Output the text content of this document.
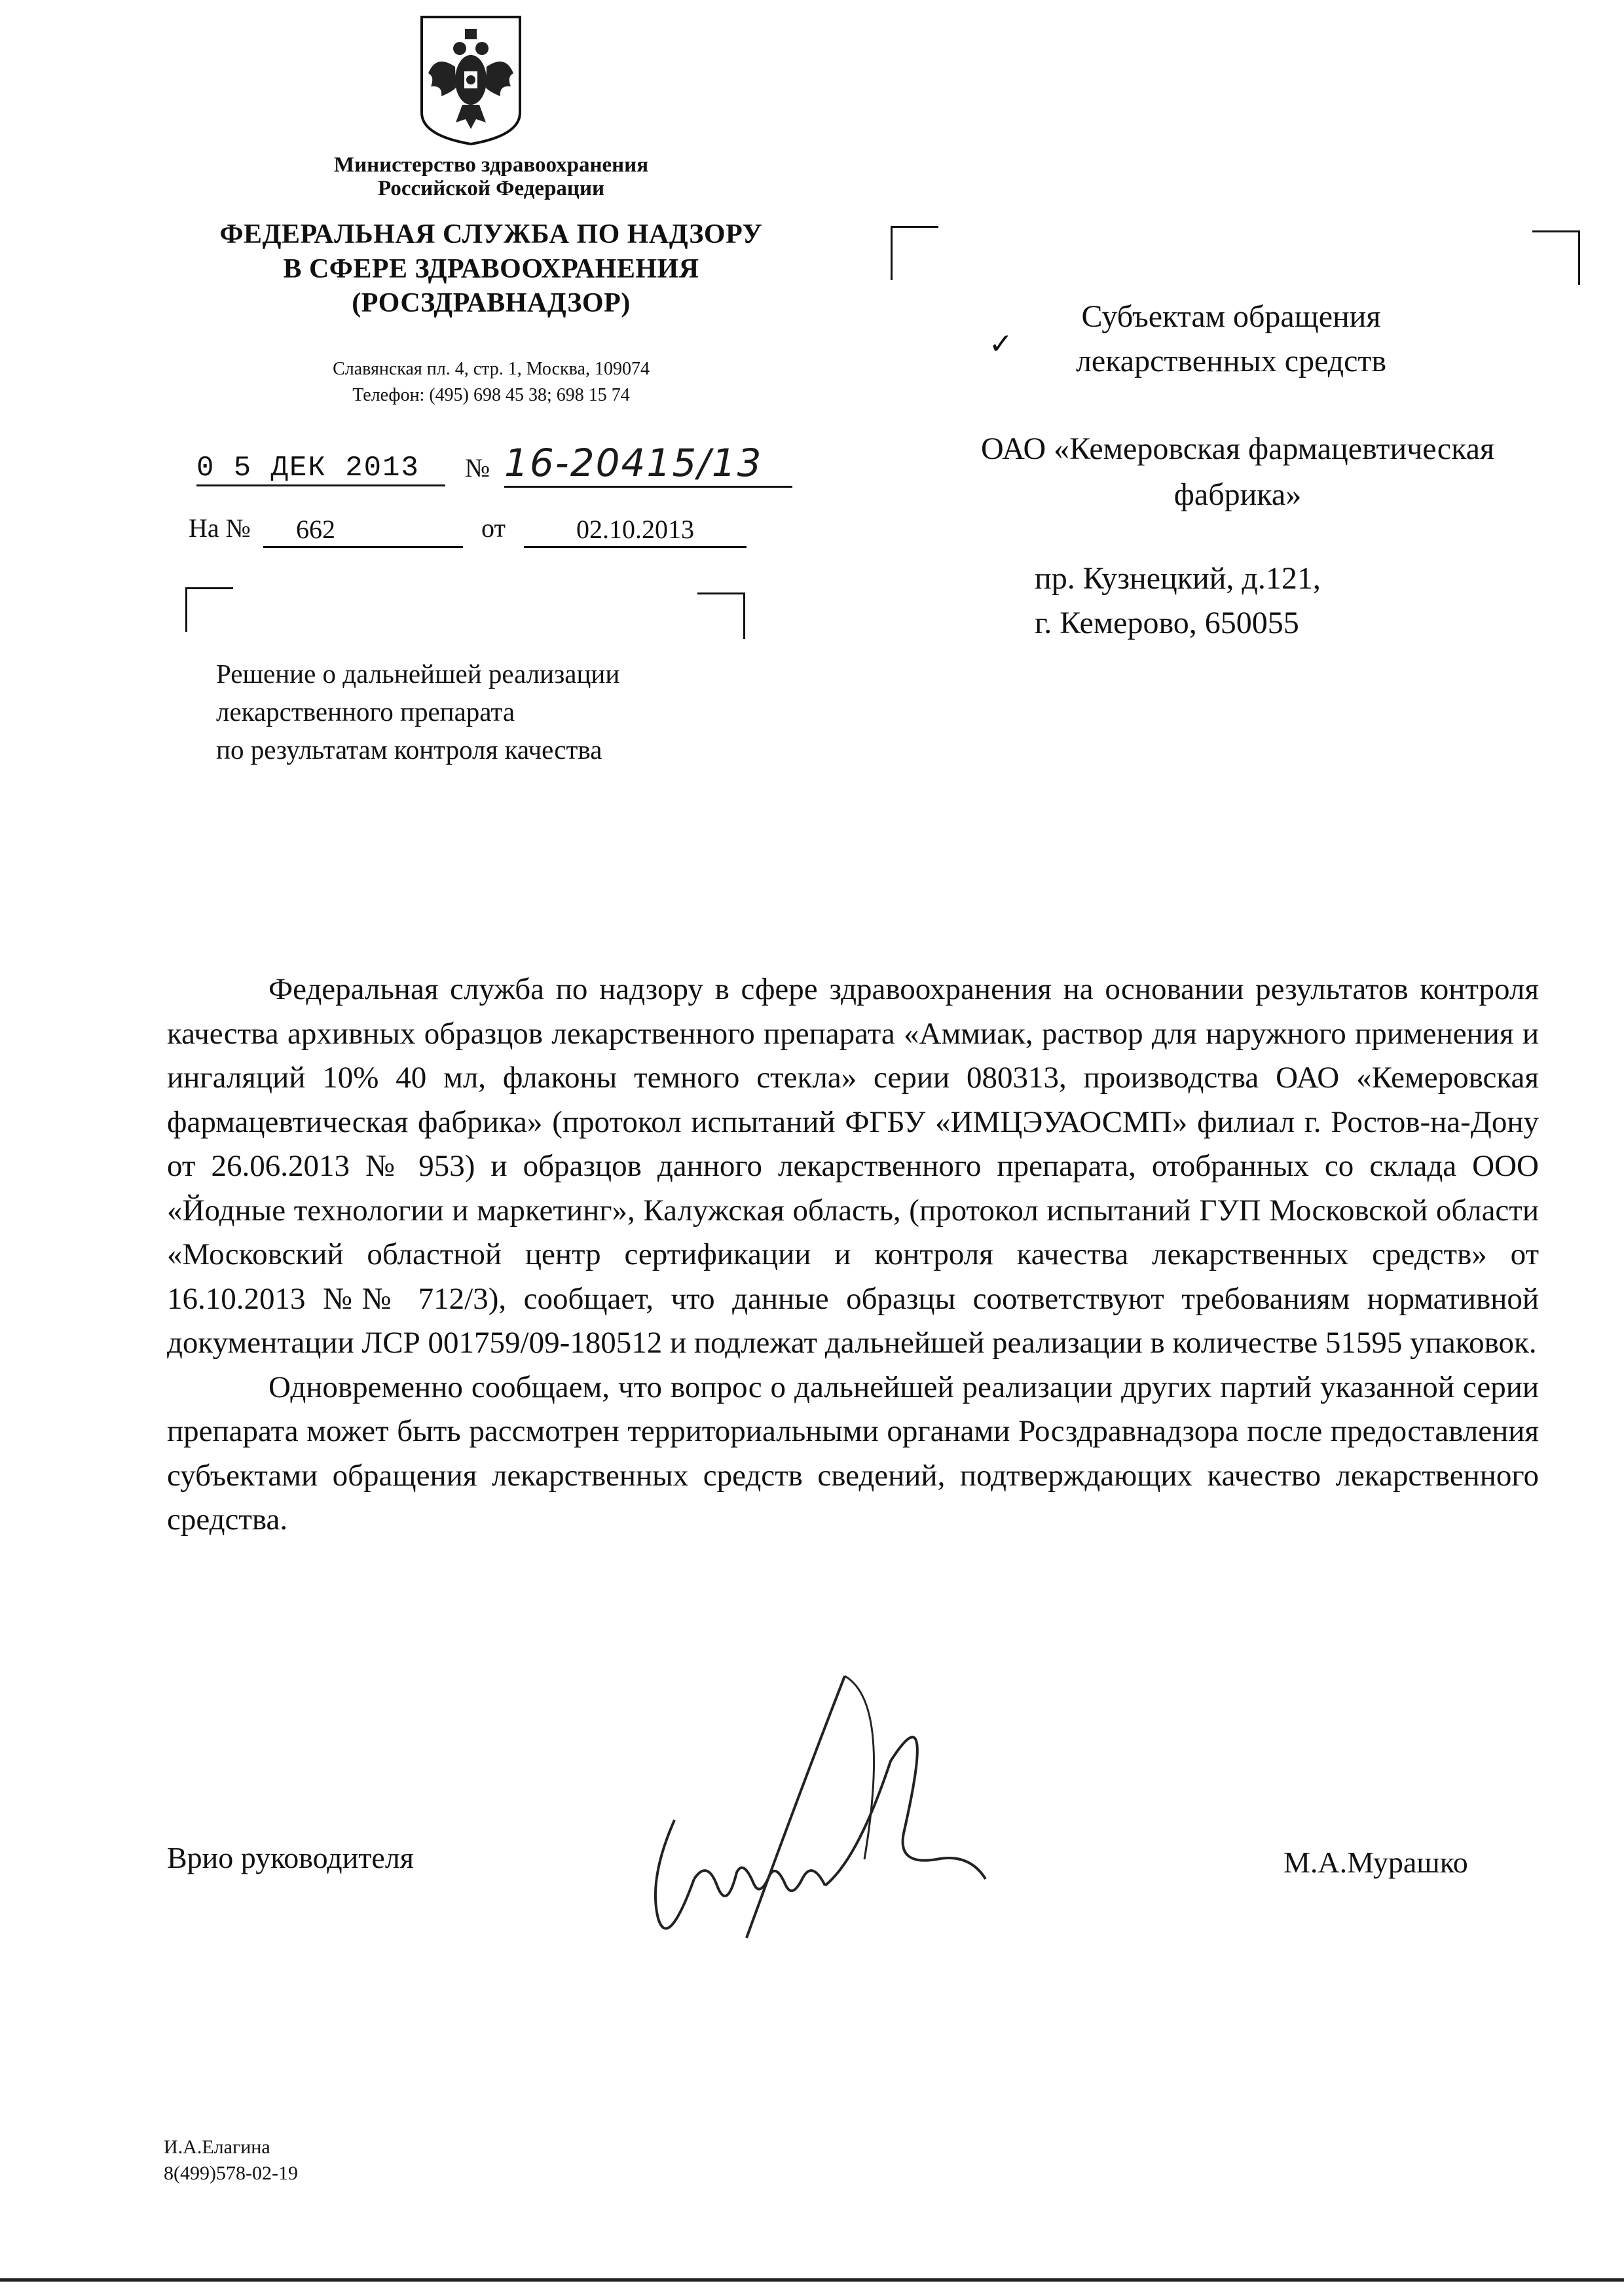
Министерство здравоохранения
Российской Федерации
ФЕДЕРАЛЬНАЯ СЛУЖБА ПО НАДЗОРУ
В СФЕРЕ ЗДРАВООХРАНЕНИЯ
(РОСЗДРАВНАДЗОР)
Славянская пл. 4, стр. 1, Москва, 109074
Телефон: (495) 698 45 38; 698 15 74
0 5 ДЕК 2013	№ 16-20415/13
На №	662	от	02.10.2013
Решение о дальнейшей реализации
лекарственного препарата
по результатам контроля качества
✓
Субъектам обращения
лекарственных средств
ОАО «Кемеровская фармацевтическая
фабрика»
пр. Кузнецкий, д.121,
г. Кемерово, 650055

Федеральная служба по надзору в сфере здравоохранения на основании результатов контроля качества архивных образцов лекарственного препарата «Аммиак, раствор для наружного применения и ингаляций 10% 40 мл, флаконы темного стекла» серии 080313, производства ОАО «Кемеровская фармацевтическая фабрика» (протокол испытаний ФГБУ «ИМЦЭУАОСМП» филиал г. Ростов-на-Дону от 26.06.2013 № 953) и образцов данного лекарственного препарата, отобранных со склада ООО «Йодные технологии и маркетинг», Калужская область, (протокол испытаний ГУП Московской области «Московский областной центр сертификации и контроля качества лекарственных средств» от 16.10.2013 №№ 712/3), сообщает, что данные образцы соответствуют требованиям нормативной документации ЛСР 001759/09-180512 и подлежат дальнейшей реализации в количестве 51595 упаковок.

Одновременно сообщаем, что вопрос о дальнейшей реализации других партий указанной серии препарата может быть рассмотрен территориальными органами Росздравнадзора после предоставления субъектами обращения лекарственных средств сведений, подтверждающих качество лекарственного средства.

Врио руководителя	М.А.Мурашко
И.А.Елагина
8(499)578-02-19
